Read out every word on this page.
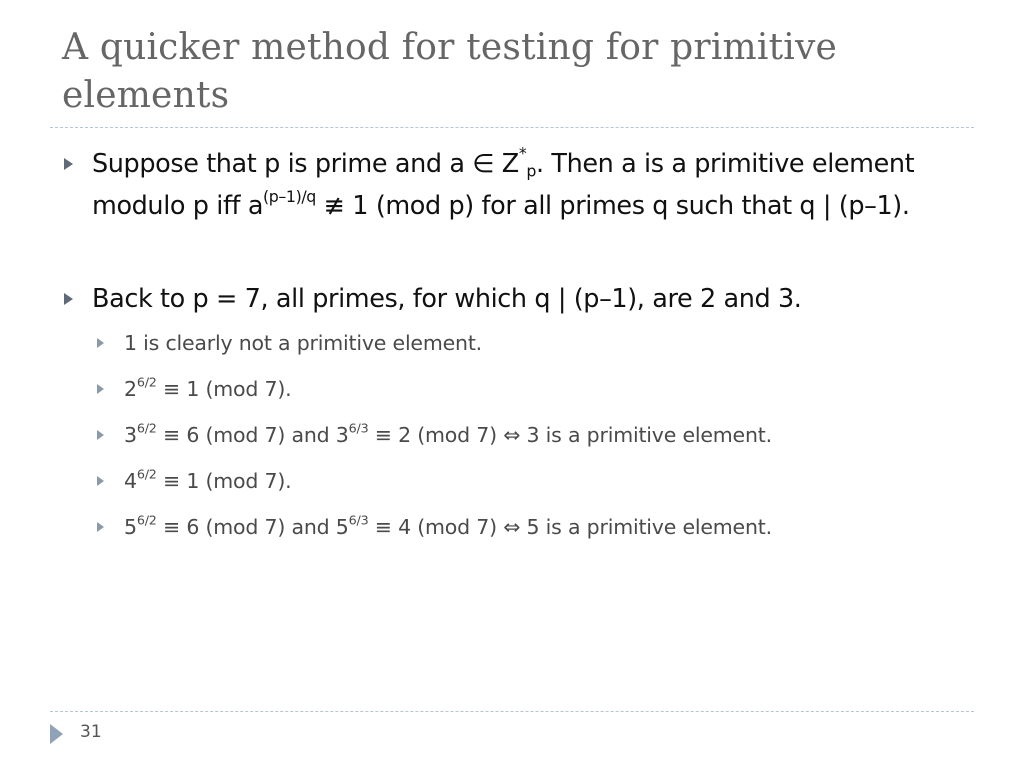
A quicker method for testing for primitive elements
Suppose that p is prime and a ∈ $Z^*_p$. Then a is a primitive element modulo p iff $a^{(p-1)/q}$ ≢ 1 (mod p) for all primes q such that q | (p–1).
Back to p = 7, all primes, for which q | (p–1), are 2 and 3.
1 is clearly not a primitive element.
$2^{6/2} \equiv 1$ (mod 7).
$3^{6/2} \equiv 6$ (mod 7) and $3^{6/3} \equiv 2$ (mod 7) ⇔ 3 is a primitive element.
$4^{6/2} \equiv 1$ (mod 7).
$5^{6/2} \equiv 6$ (mod 7) and $5^{6/3} \equiv 4$ (mod 7) ⇔ 5 is a primitive element.
31
